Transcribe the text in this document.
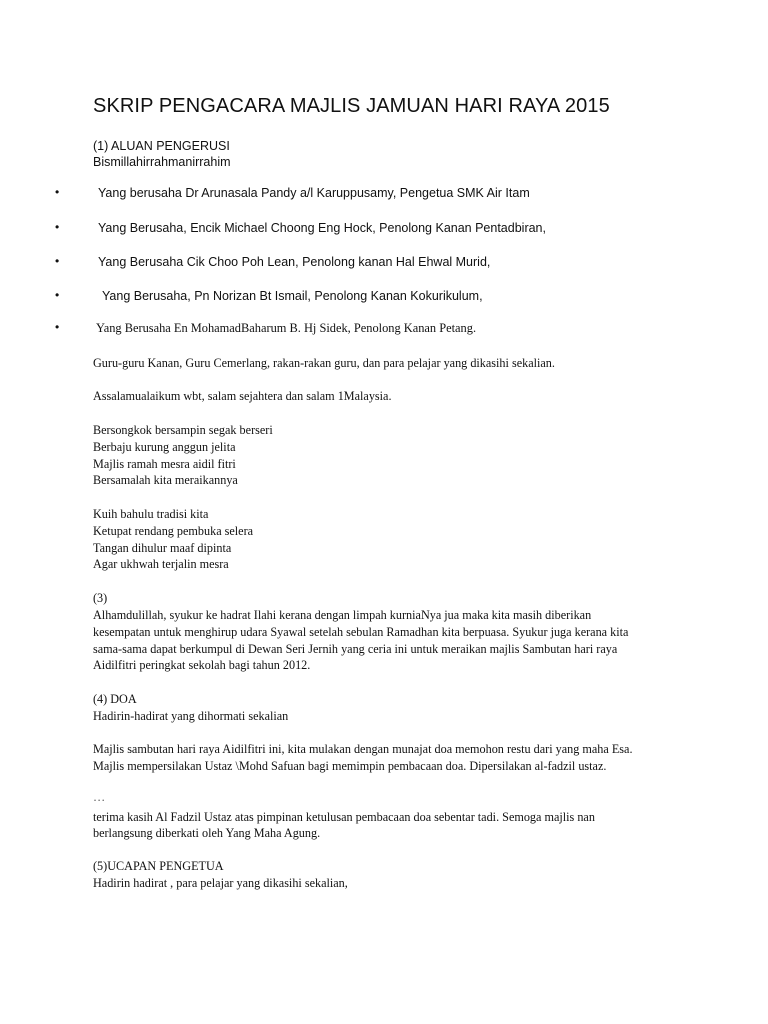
SKRIP PENGACARA MAJLIS JAMUAN HARI RAYA 2015
(1) ALUAN PENGERUSI
Bismillahirrahmanirrahim
•	Yang berusaha Dr Arunasala Pandy a/l Karuppusamy, Pengetua SMK Air Itam
•	Yang Berusaha, Encik Michael Choong Eng Hock, Penolong Kanan Pentadbiran,
•	Yang Berusaha Cik Choo Poh Lean, Penolong kanan Hal Ehwal Murid,
•	Yang Berusaha, Pn Norizan Bt Ismail, Penolong Kanan Kokurikulum,
•	Yang Berusaha En MohamadBaharum B. Hj Sidek, Penolong Kanan Petang.
Guru-guru Kanan, Guru Cemerlang, rakan-rakan guru, dan para pelajar yang dikasihi sekalian.
Assalamualaikum wbt, salam sejahtera dan salam 1Malaysia.
Bersongkok bersampin segak berseri
Berbaju kurung anggun jelita
Majlis ramah mesra aidil fitri
Bersamalah kita meraikannya
Kuih bahulu tradisi kita
Ketupat rendang pembuka selera
Tangan dihulur maaf dipinta
Agar ukhwah terjalin mesra
(3)
Alhamdulillah, syukur ke hadrat Ilahi kerana dengan limpah kurniaNya jua maka kita masih diberikan
kesempatan untuk menghirup udara Syawal setelah sebulan Ramadhan kita berpuasa. Syukur juga kerana kita
sama-sama dapat berkumpul di Dewan Seri Jernih yang ceria ini untuk meraikan majlis Sambutan hari raya
Aidilfitri peringkat sekolah bagi tahun 2012.
(4) DOA
Hadirin-hadirat yang dihormati sekalian
Majlis sambutan hari raya Aidilfitri ini, kita mulakan dengan munajat doa memohon restu dari yang maha Esa.
Majlis mempersilakan Ustaz \Mohd Safuan bagi memimpin pembacaan doa. Dipersilakan al-fadzil ustaz.
…
terima kasih Al Fadzil Ustaz atas pimpinan ketulusan pembacaan doa sebentar tadi. Semoga majlis nan
berlangsung diberkati oleh Yang Maha Agung.
(5)UCAPAN PENGETUA
Hadirin hadirat , para pelajar yang dikasihi sekalian,
